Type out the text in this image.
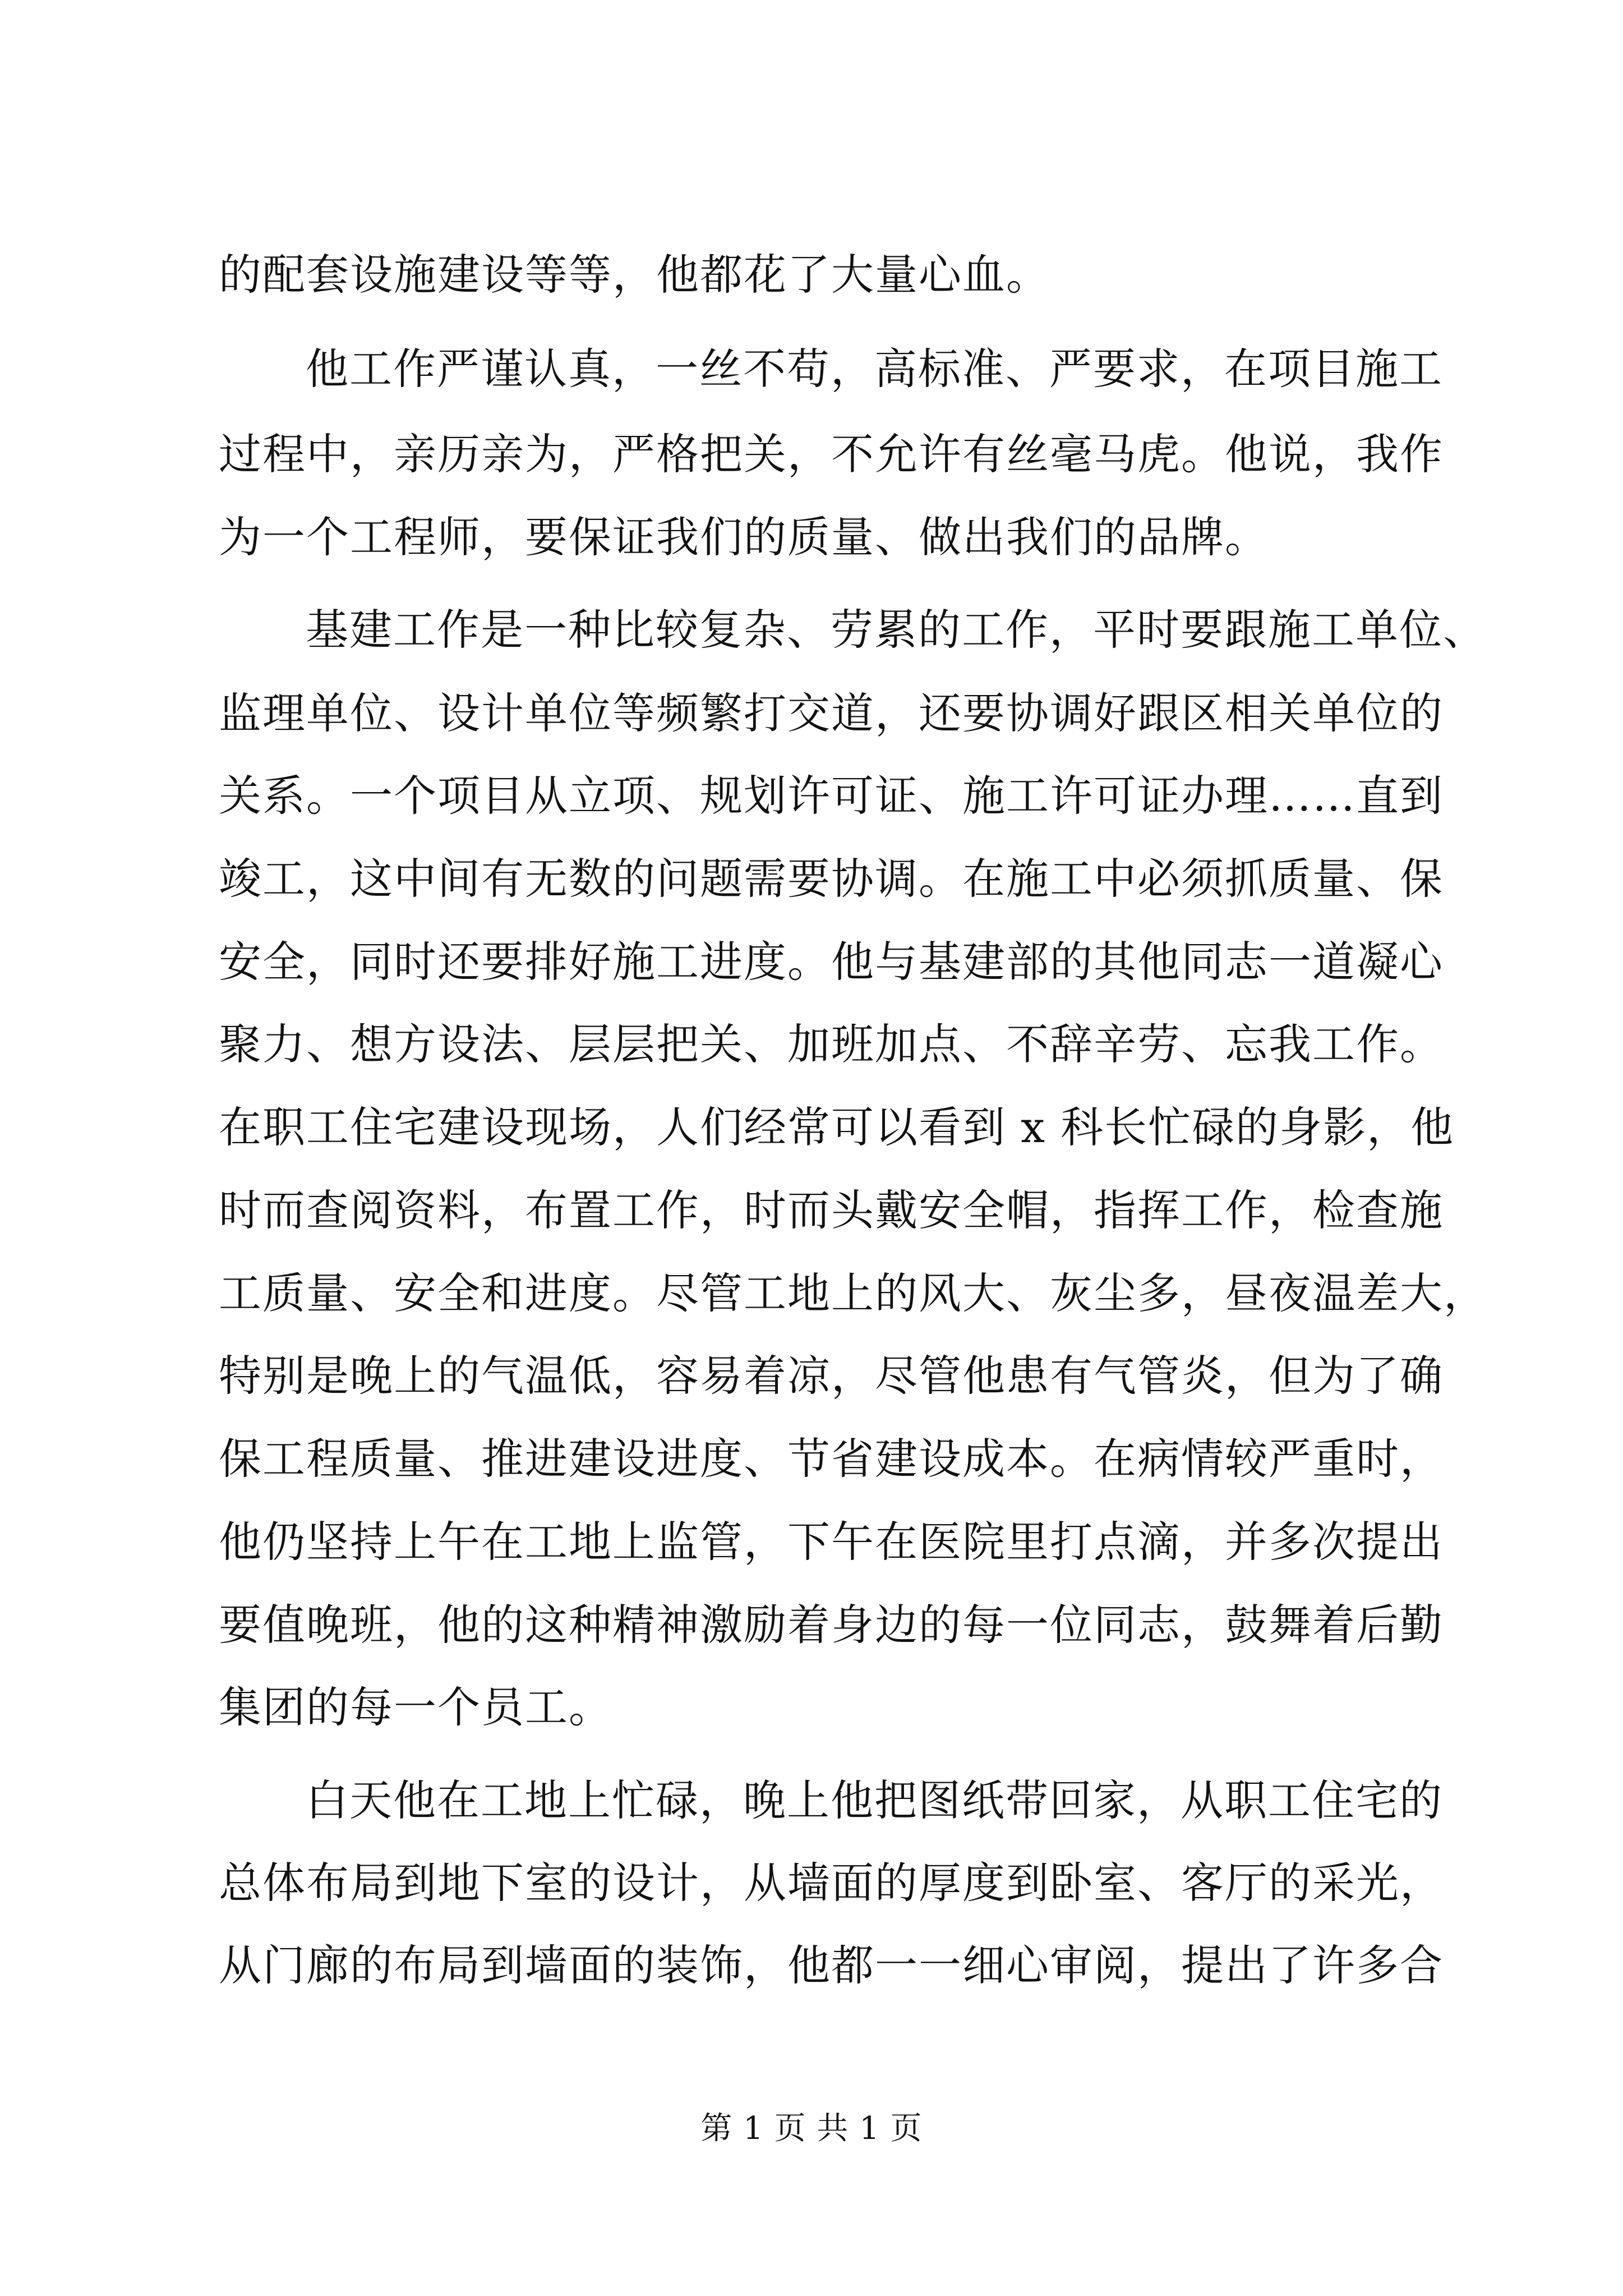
的配套设施建设等等，他都花了大量心血。
他工作严谨认真，一丝不苟，高标准、严要求，在项目施工
过程中，亲历亲为，严格把关，不允许有丝毫马虎。他说，我作
为一个工程师，要保证我们的质量、做出我们的品牌。
基建工作是一种比较复杂、劳累的工作，平时要跟施工单位、
监理单位、设计单位等频繁打交道，还要协调好跟区相关单位的
关系。一个项目从立项、规划许可证、施工许可证办理……直到
竣工，这中间有无数的问题需要协调。在施工中必须抓质量、保
安全，同时还要排好施工进度。他与基建部的其他同志一道凝心
聚力、想方设法、层层把关、加班加点、不辞辛劳、忘我工作。
在职工住宅建设现场，人们经常可以看到 x 科长忙碌的身影，他
时而查阅资料，布置工作，时而头戴安全帽，指挥工作，检查施
工质量、安全和进度。尽管工地上的风大、灰尘多，昼夜温差大，
特别是晚上的气温低，容易着凉，尽管他患有气管炎，但为了确
保工程质量、推进建设进度、节省建设成本。在病情较严重时，
他仍坚持上午在工地上监管，下午在医院里打点滴，并多次提出
要值晚班，他的这种精神激励着身边的每一位同志，鼓舞着后勤
集团的每一个员工。
白天他在工地上忙碌，晚上他把图纸带回家，从职工住宅的
总体布局到地下室的设计，从墙面的厚度到卧室、客厅的采光，
从门廊的布局到墙面的装饰，他都一一细心审阅，提出了许多合
第 1 页 共 1 页
